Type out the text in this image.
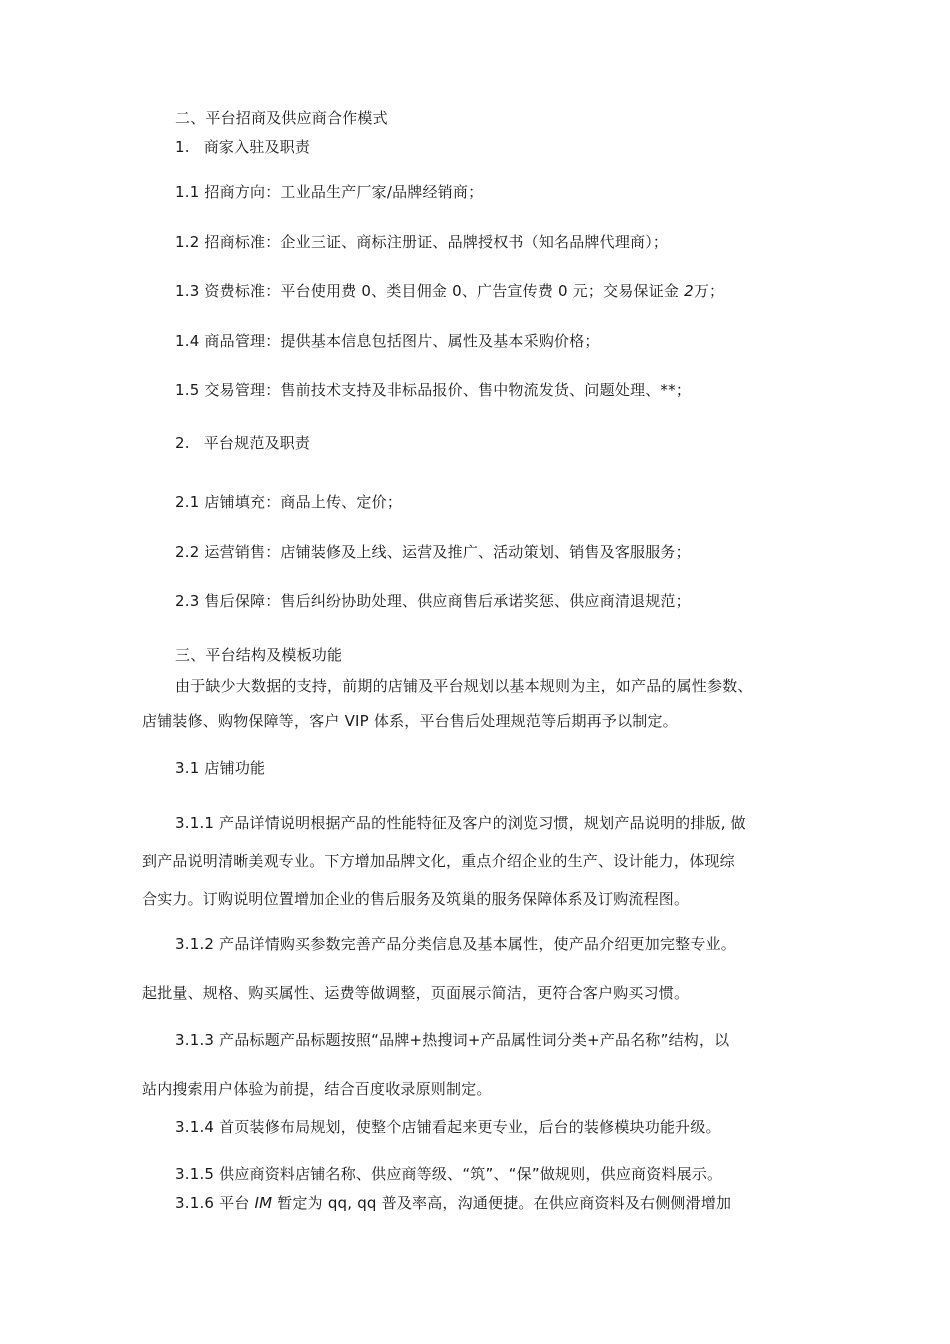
二、平台招商及供应商合作模式
1. 商家入驻及职责
1.1 招商方向：工业品生产厂家/品牌经销商；
1.2 招商标准：企业三证、商标注册证、品牌授权书（知名品牌代理商）；
1.3 资费标准：平台使用费 0、类目佣金 0、广告宣传费 0 元；交易保证金 2万；
1.4 商品管理：提供基本信息包括图片、属性及基本采购价格；
1.5 交易管理：售前技术支持及非标品报价、售中物流发货、问题处理、**；
2. 平台规范及职责
2.1 店铺填充：商品上传、定价；
2.2 运营销售：店铺装修及上线、运营及推广、活动策划、销售及客服服务；
2.3 售后保障：售后纠纷协助处理、供应商售后承诺奖惩、供应商清退规范；
三、平台结构及模板功能
由于缺少大数据的支持，前期的店铺及平台规划以基本规则为主，如产品的属性参数、
店铺装修、购物保障等，客户 VIP 体系，平台售后处理规范等后期再予以制定。
3.1 店铺功能
3.1.1 产品详情说明根据产品的性能特征及客户的浏览习惯，规划产品说明的排版, 做
到产品说明清晰美观专业。下方增加品牌文化，重点介绍企业的生产、设计能力，体现综
合实力。订购说明位置增加企业的售后服务及筑巢的服务保障体系及订购流程图。
3.1.2 产品详情购买参数完善产品分类信息及基本属性，使产品介绍更加完整专业。
起批量、规格、购买属性、运费等做调整，页面展示简洁，更符合客户购买习惯。
3.1.3 产品标题产品标题按照“品牌+热搜词+产品属性词分类+产品名称”结构，以
站内搜索用户体验为前提，结合百度收录原则制定。
3.1.4 首页装修布局规划，使整个店铺看起来更专业，后台的装修模块功能升级。
3.1.5 供应商资料店铺名称、供应商等级、“筑”、“保”做规则，供应商资料展示。
3.1.6 平台 IM 暂定为 qq, qq 普及率高，沟通便捷。在供应商资料及右侧侧滑增加
